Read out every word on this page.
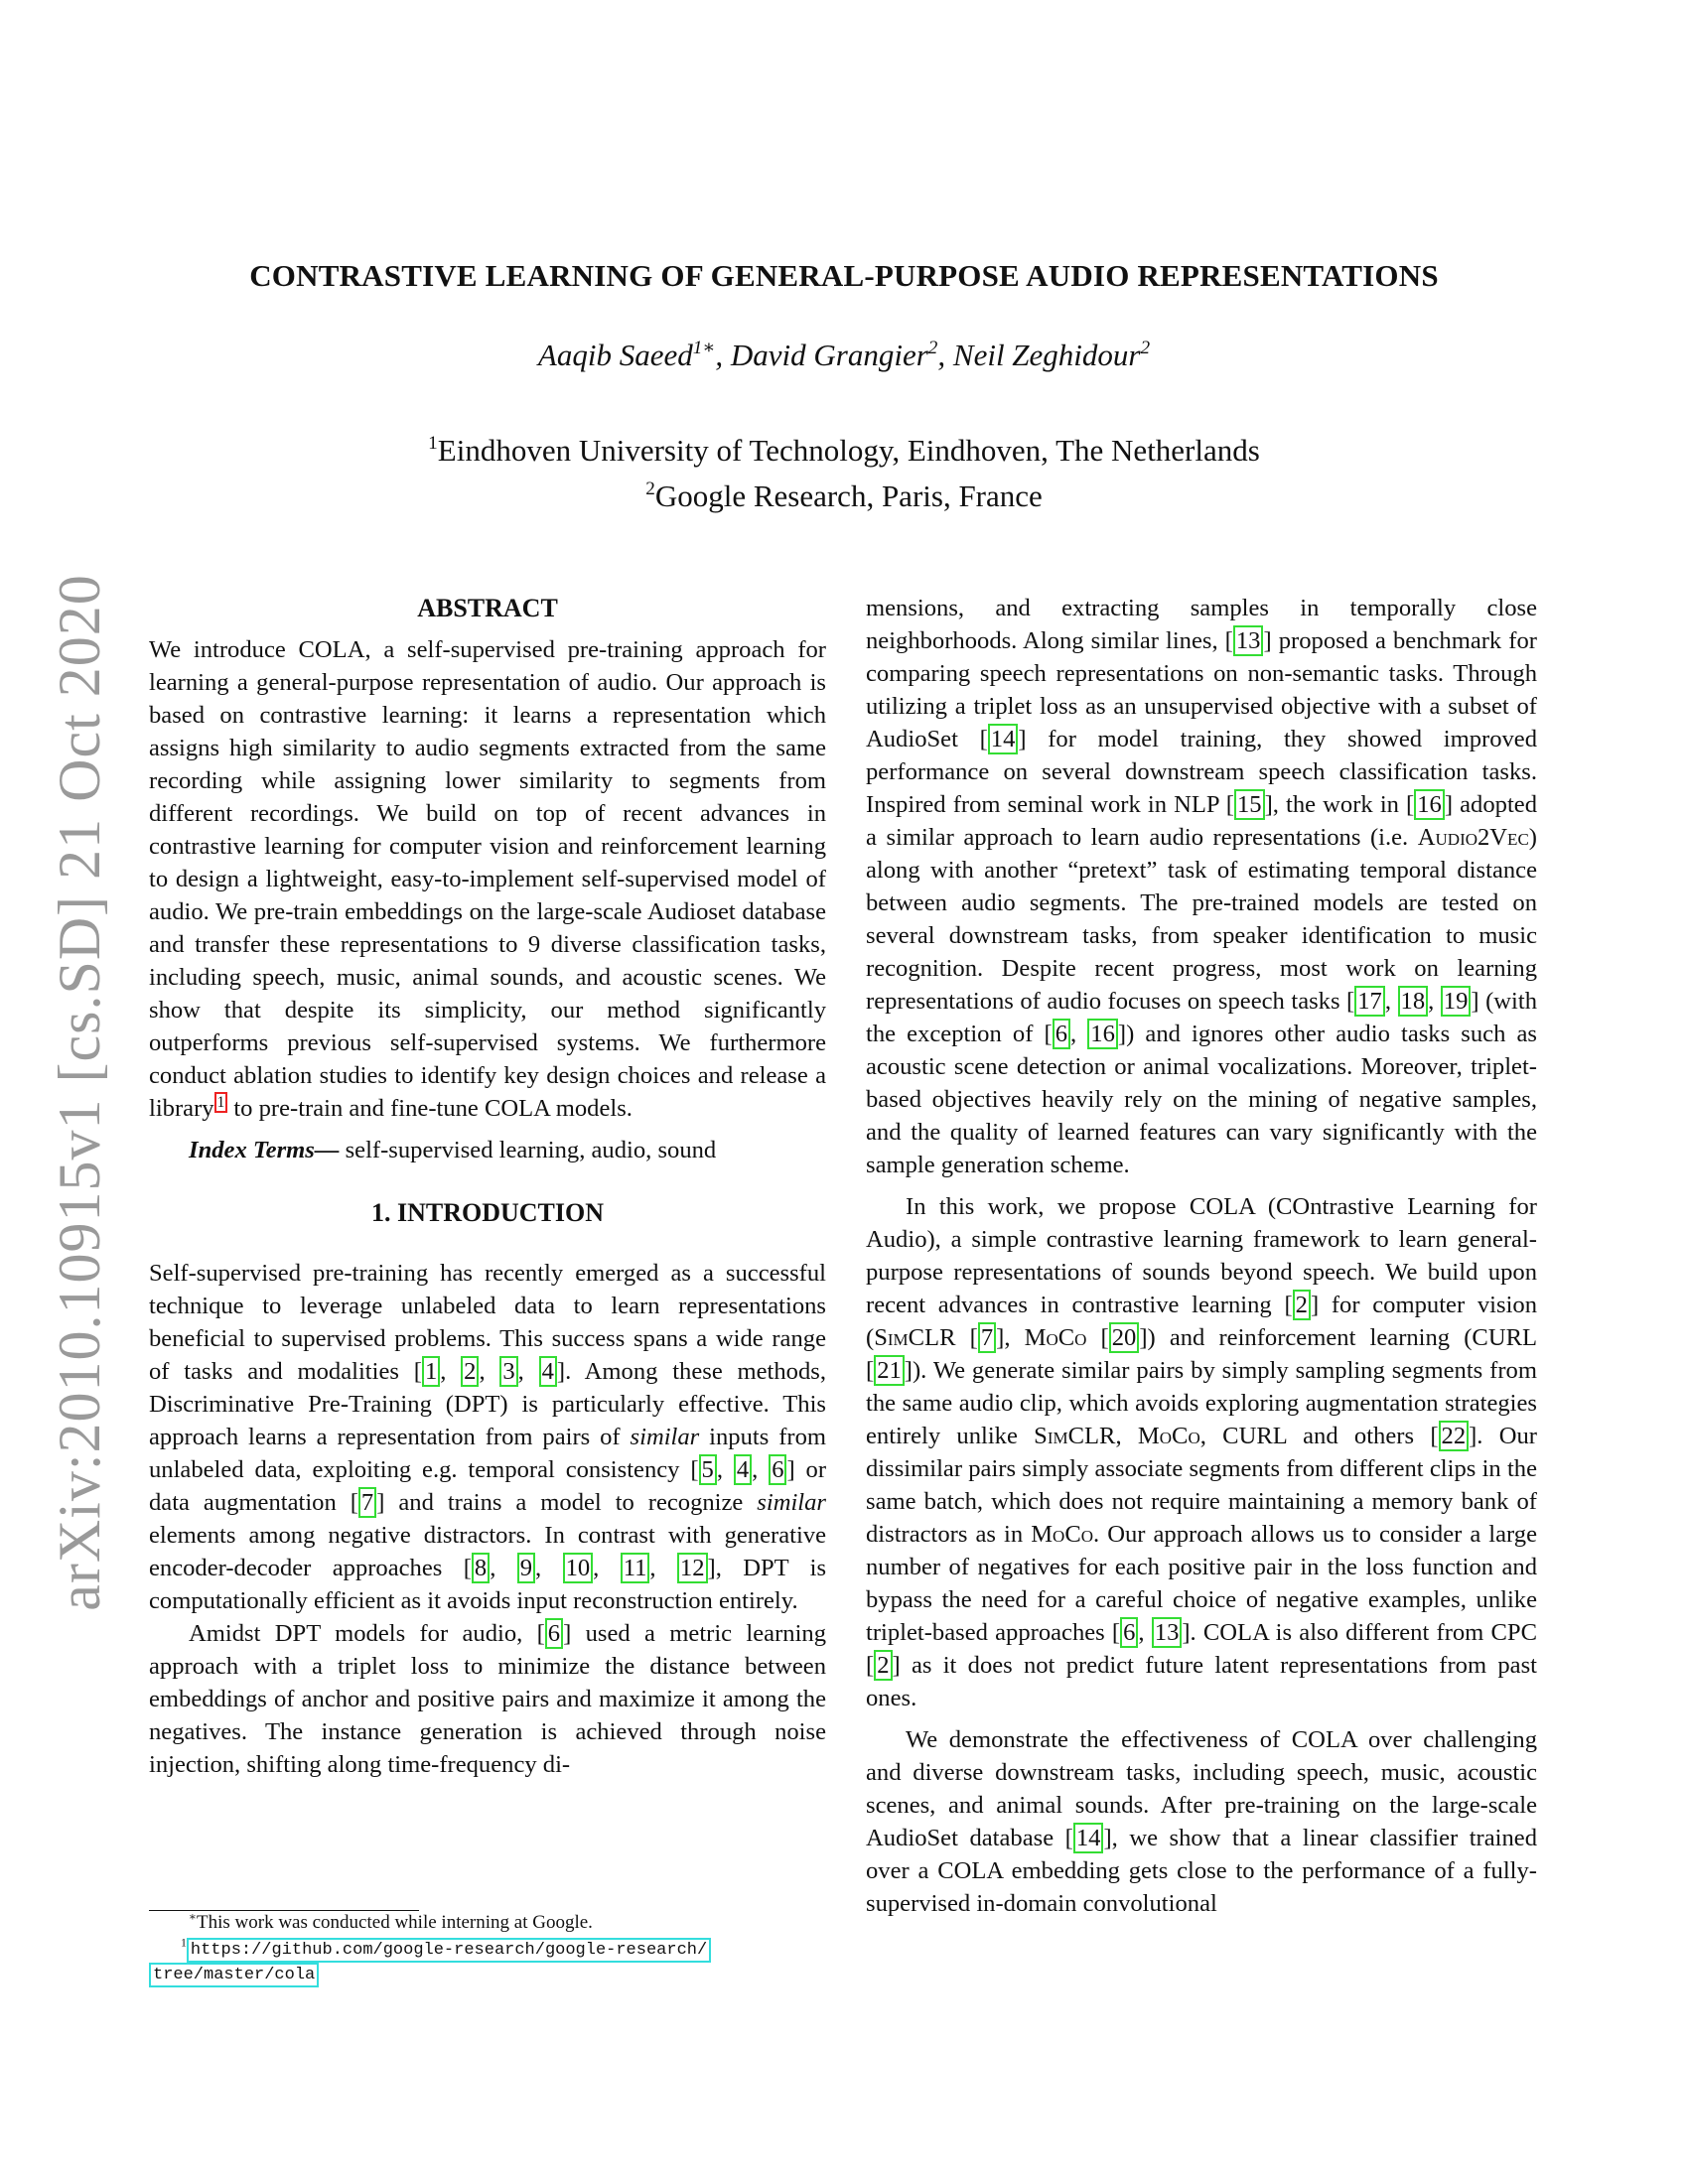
arXiv:2010.10915v1 [cs.SD] 21 Oct 2020
CONTRASTIVE LEARNING OF GENERAL-PURPOSE AUDIO REPRESENTATIONS
Aaqib Saeed$^{1∗}$, David Grangier$^2$, Neil Zeghidour$^2$
$^1$Eindhoven University of Technology, Eindhoven, The Netherlands
$^2$Google Research, Paris, France
ABSTRACT

We introduce COLA, a self-supervised pre-training approach for learning a general-purpose representation of audio. Our approach is based on contrastive learning: it learns a representation which assigns high similarity to audio segments extracted from the same recording while assigning lower similarity to segments from different recordings. We build on top of recent advances in contrastive learning for computer vision and reinforcement learning to design a lightweight, easy-to-implement self-supervised model of audio. We pre-train embeddings on the large-scale Audioset database and transfer these representations to 9 diverse classification tasks, including speech, music, animal sounds, and acoustic scenes. We show that despite its simplicity, our method significantly outperforms previous self-supervised systems. We furthermore conduct ablation studies to identify key design choices and release a library $^1$ to pre-train and fine-tune COLA models.

Index Terms— self-supervised learning, audio, sound

1. INTRODUCTION

Self-supervised pre-training has recently emerged as a successful technique to leverage unlabeled data to learn representations beneficial to supervised problems. This success spans a wide range of tasks and modalities [ 1 , 2 , 3 , 4 ]. Among these methods, Discriminative Pre-Training (DPT) is particularly effective. This approach learns a representation from pairs of similar inputs from unlabeled data, exploiting e.g. temporal consistency [ 5 , 4 , 6 ] or data augmentation [ 7 ] and trains a model to recognize similar elements among negative distractors. In contrast with generative encoder-decoder approaches [ 8 , 9 , 10 , 11 , 12 ], DPT is computationally efficient as it avoids input reconstruction entirely.

Amidst DPT models for audio, [ 6 ] used a metric learning approach with a triplet loss to minimize the distance between embeddings of anchor and positive pairs and maximize it among the negatives. The instance generation is achieved through noise injection, shifting along time-frequency di-

mensions, and extracting samples in temporally close neighborhoods. Along similar lines, [ 13 ] proposed a benchmark for comparing speech representations on non-semantic tasks. Through utilizing a triplet loss as an unsupervised objective with a subset of AudioSet [ 14 ] for model training, they showed improved performance on several downstream speech classification tasks. Inspired from seminal work in NLP [ 15 ], the work in [ 16 ] adopted a similar approach to learn audio representations (i.e. Audio2Vec) along with another “pretext” task of estimating temporal distance between audio segments. The pre-trained models are tested on several downstream tasks, from speaker identification to music recognition. Despite recent progress, most work on learning representations of audio focuses on speech tasks [ 17 , 18 , 19 ] (with the exception of [ 6 , 16 ]) and ignores other audio tasks such as acoustic scene detection or animal vocalizations. Moreover, triplet-based objectives heavily rely on the mining of negative samples, and the quality of learned features can vary significantly with the sample generation scheme.

In this work, we propose COLA (COntrastive Learning for Audio), a simple contrastive learning framework to learn general-purpose representations of sounds beyond speech. We build upon recent advances in contrastive learning [ 2 ] for computer vision (SimCLR [ 7 ], MoCo [ 20 ]) and reinforcement learning (CURL [ 21 ]). We generate similar pairs by simply sampling segments from the same audio clip, which avoids exploring augmentation strategies entirely unlike SimCLR, MoCo, CURL and others [ 22 ]. Our dissimilar pairs simply associate segments from different clips in the same batch, which does not require maintaining a memory bank of distractors as in MoCo. Our approach allows us to consider a large number of negatives for each positive pair in the loss function and bypass the need for a careful choice of negative examples, unlike triplet-based approaches [ 6 , 13 ]. COLA is also different from CPC [ 2 ] as it does not predict future latent representations from past ones.

We demonstrate the effectiveness of COLA over challenging and diverse downstream tasks, including speech, music, acoustic scenes, and animal sounds. After pre-training on the large-scale AudioSet database [ 14 ], we show that a linear classifier trained over a COLA embedding gets close to the performance of a fully-supervised in-domain convolutional

∗This work was conducted while interning at Google.

$^1$ https://github.com/google-research/google-research/
tree/master/cola
